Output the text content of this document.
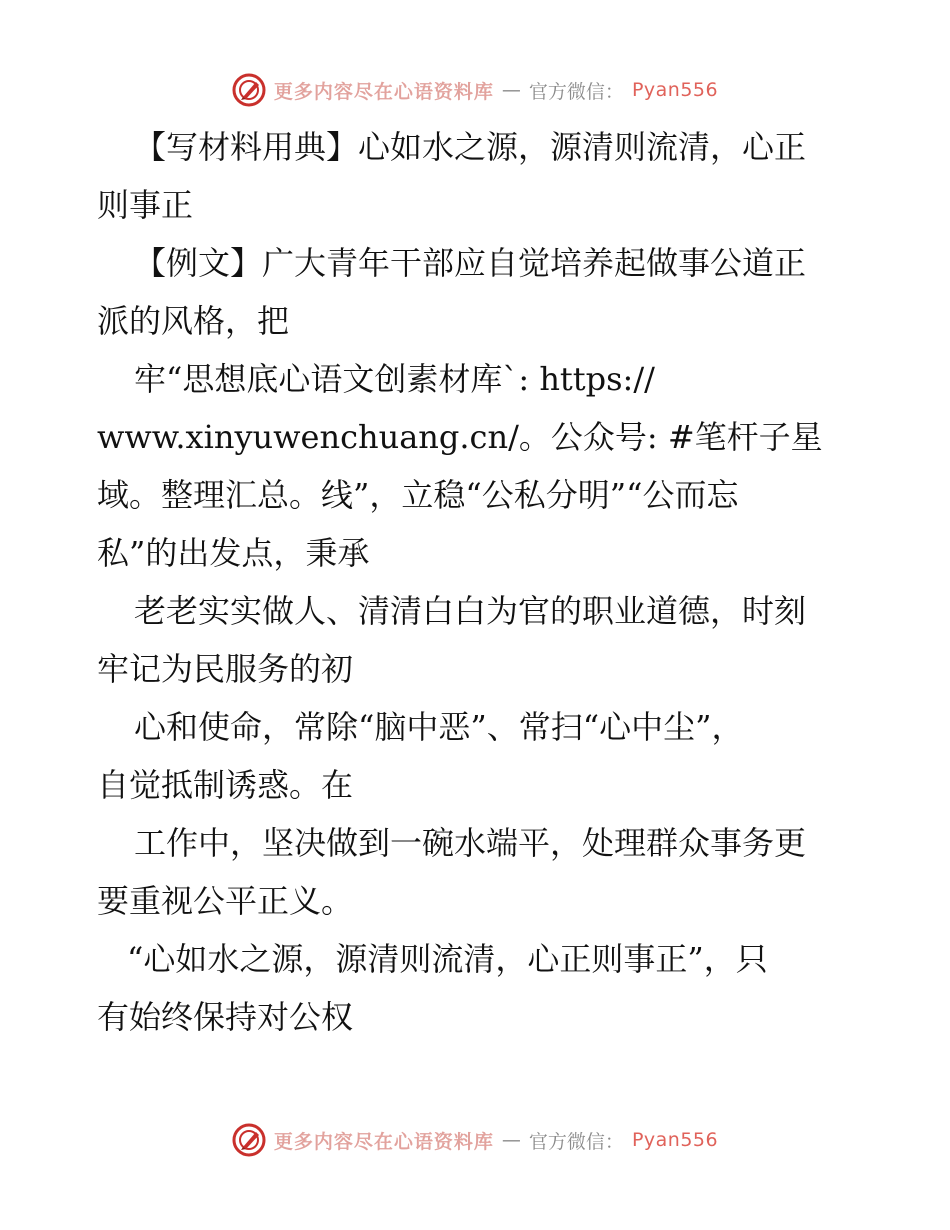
更多内容尽在心语资料库 — 官方微信： Pyan556
【写材料用典】心如水之源，源清则流清，心正
则事正
【例文】广大青年干部应自觉培养起做事公道正
派的风格，把
牢“思想底心语文创素材库`: https://
www.xinyuwenchuang.cn/。公众号: #笔杆子星
域。整理汇总。线”，立稳“公私分明”“公而忘
私”的出发点，秉承
老老实实做人、清清白白为官的职业道德，时刻
牢记为民服务的初
心和使命，常除“脑中恶”、常扫“心中尘”，
自觉抵制诱惑。在
工作中，坚决做到一碗水端平，处理群众事务更
要重视公平正义。
“心如水之源，源清则流清，心正则事正”，只
有始终保持对公权
更多内容尽在心语资料库 — 官方微信： Pyan556
